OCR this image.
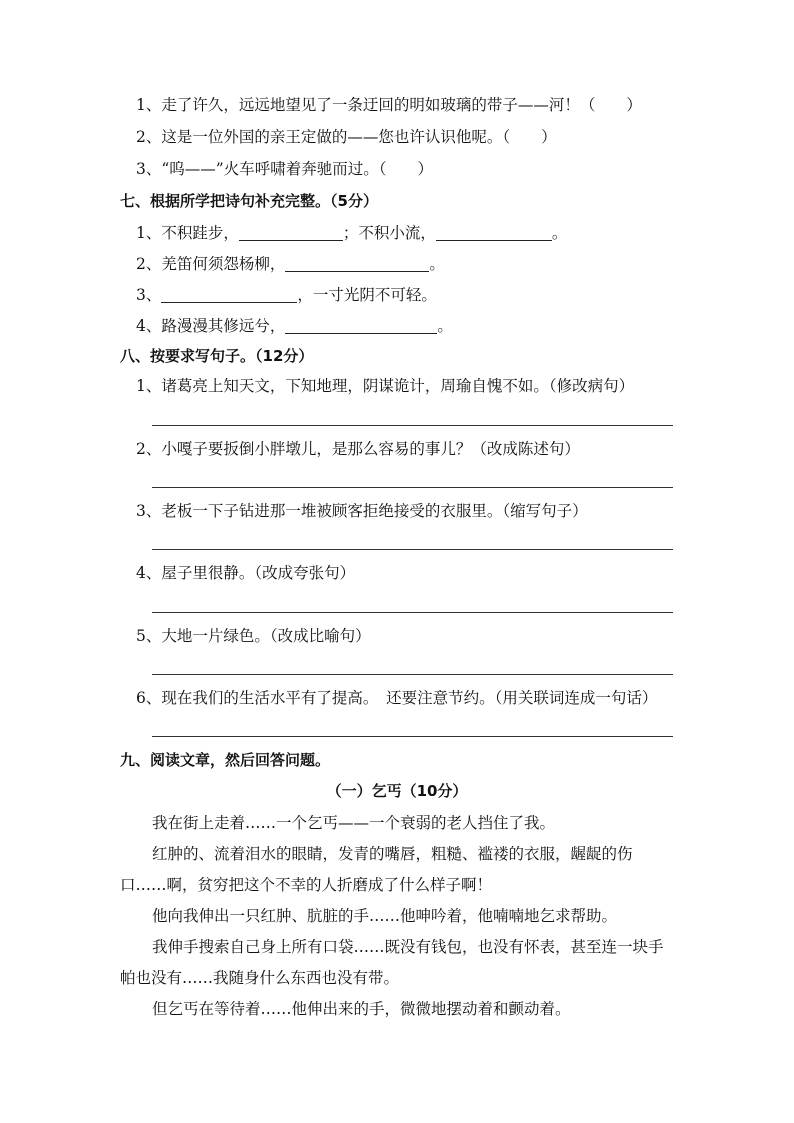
1、走了许久，远远地望见了一条迂回的明如玻璃的带子——河！（　　）
2、这是一位外国的亲王定做的——您也许认识他呢。（　　）
3、“呜——”火车呼啸着奔驰而过。（　　）
七、根据所学把诗句补充完整。（5分）
1、不积跬步，	；不积小流，	。
2、羌笛何须怨杨柳，	。
3、	，一寸光阴不可轻。
4、路漫漫其修远兮，	。
八、按要求写句子。（12分）
1、诸葛亮上知天文，下知地理，阴谋诡计，周瑜自愧不如。（修改病句）
2、小嘎子要扳倒小胖墩儿，是那么容易的事儿？（改成陈述句）
3、老板一下子钻进那一堆被顾客拒绝接受的衣服里。（缩写句子）
4、屋子里很静。（改成夸张句）
5、大地一片绿色。（改成比喻句）
6、现在我们的生活水平有了提高。　还要注意节约。（用关联词连成一句话）
九、阅读文章，然后回答问题。
（一）乞丐（10分）
我在街上走着……一个乞丐——一个衰弱的老人挡住了我。
红肿的、流着泪水的眼睛，发青的嘴唇，粗糙、褴褛的衣服，龌龊的伤
口……啊，贫穷把这个不幸的人折磨成了什么样子啊！
他向我伸出一只红肿、肮脏的手……他呻吟着，他喃喃地乞求帮助。
我伸手搜索自己身上所有口袋……既没有钱包，也没有怀表，甚至连一块手
帕也没有……我随身什么东西也没有带。
但乞丐在等待着……他伸出来的手，微微地摆动着和颤动着。
